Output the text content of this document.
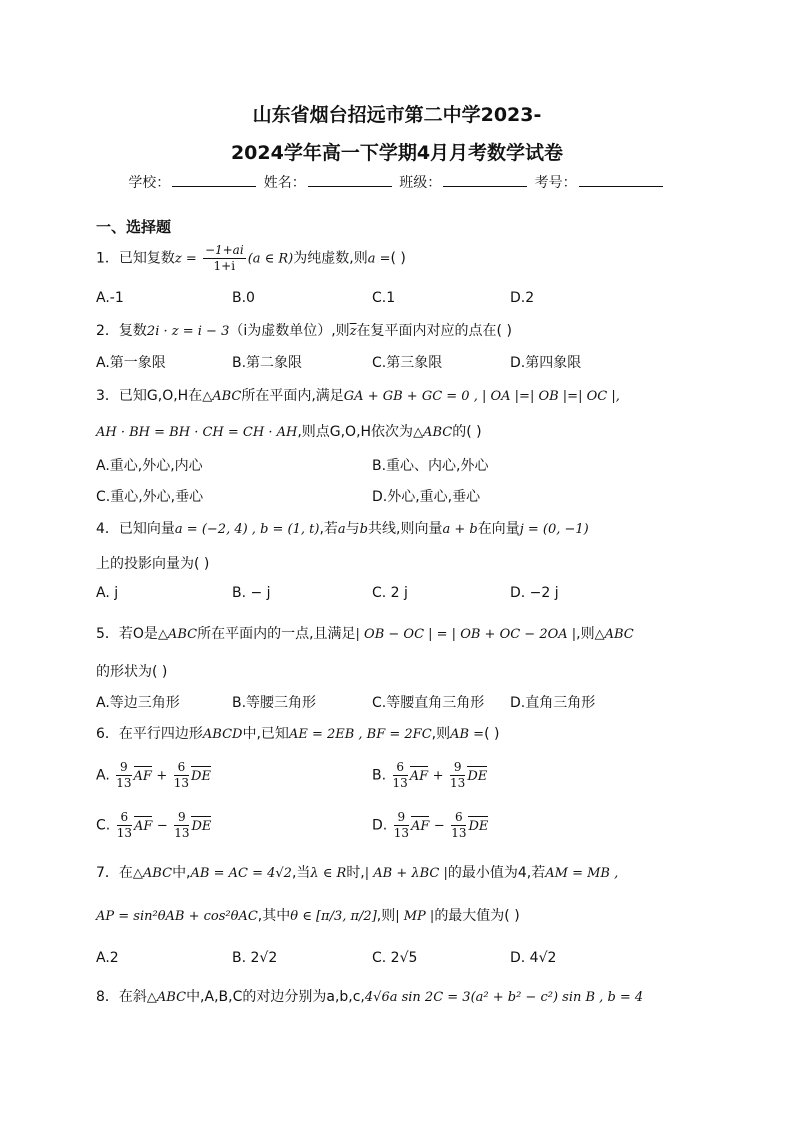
山东省烟台招远市第二中学2023-
2024学年高一下学期4月月考数学试卷
学校：	姓名：	班级：	考号：
一、选择题
1．已知复数$z = \frac{-1+ai}{1+i} (a$ ∈ R)为纯虚数,则a =( )
A.-1	B.0	C.1	D.2
2．复数2i · z = i − 3（i为虚数单位）,则$\overline{z}$在复平面内对应的点在( )
A.第一象限	B.第二象限	C.第三象限	D.第四象限
3．已知G,O,H在△ABC所在平面内,满足GA + GB + GC = 0 , | OA |=| OB |=| OC |,
AH · BH = BH · CH = CH · AH,则点G,O,H依次为△ABC的( )
A.重心,外心,内心	B.重心、内心,外心
C.重心,外心,垂心	D.外心,重心,垂心
4．已知向量a = (−2, 4) , b = (1, t),若a与b共线,则向量a + b在向量j = (0, −1)
上的投影向量为( )
A. j	B. − j	C. 2 j	D. −2 j
5．若O是△ABC所在平面内的一点,且满足| OB − OC | = | OB + OC − 2OA |,则△ABC
的形状为( )
A.等边三角形	B.等腰三角形	C.等腰直角三角形 D.直角三角形
6．在平行四边形ABCD中,已知AE = 2EB , BF = 2FC,则AB =( )
A. $\frac{9}{13}$ AF + $\frac{6}{13}$ DE	B. $\frac{6}{13}$ AF + $\frac{9}{13}$ DE
C. $\frac{6}{13}$ AF − $\frac{9}{13}$ DE	D. $\frac{9}{13}$ AF − $\frac{6}{13}$ DE
7．在△ABC中,AB = AC = 4√2,当λ ∈ R时,| AB + λBC |的最小值为4,若AM = MB ,
AP = sin²θAB + cos²θAC,其中θ ∈ [π/3, π/2],则| MP |的最大值为( )
A.2	B. 2√2	C. 2√5	D. 4√2
8．在斜△ABC中,A,B,C的对边分别为a,b,c,4√6a sin 2C = 3(a² + b² − c²) sin B , b = 4
